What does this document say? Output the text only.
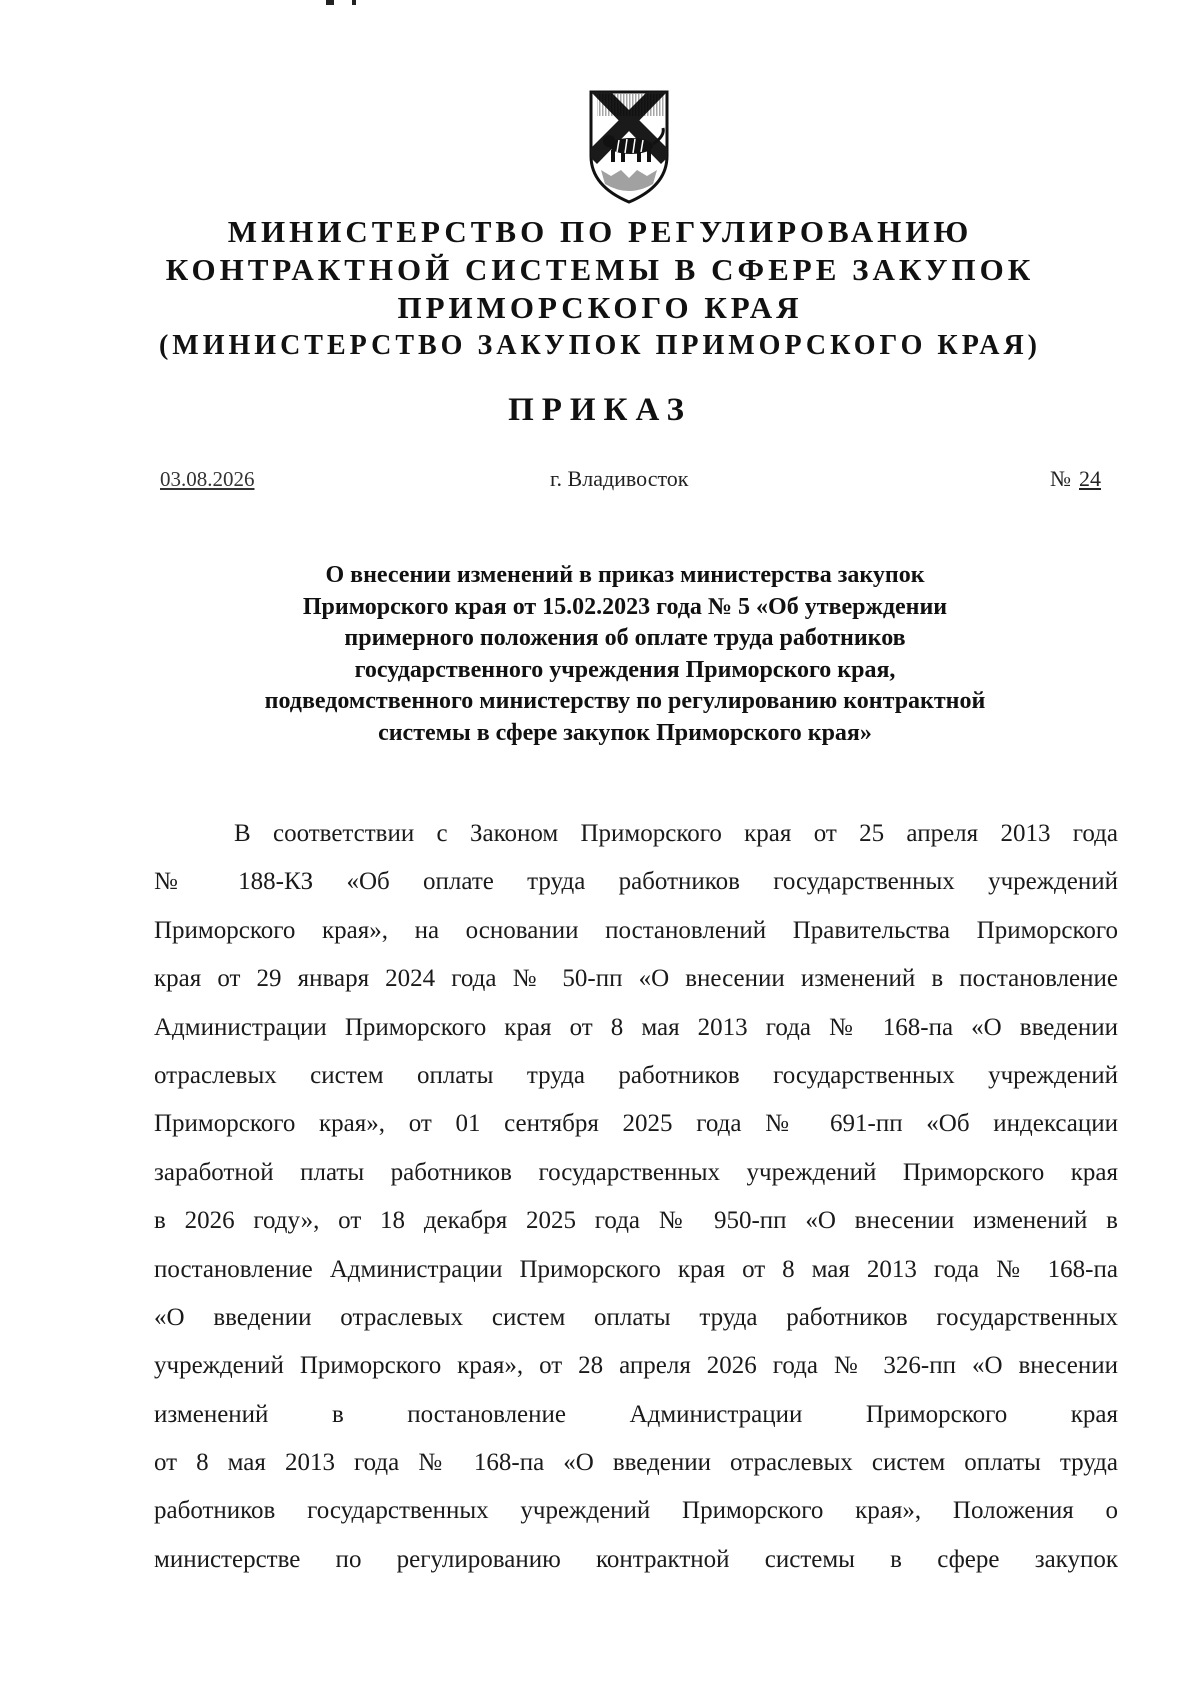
МИНИСТЕРСТВО ПО РЕГУЛИРОВАНИЮ
КОНТРАКТНОЙ СИСТЕМЫ В СФЕРЕ ЗАКУПОК
ПРИМОРСКОГО КРАЯ
(МИНИСТЕРСТВО ЗАКУПОК ПРИМОРСКОГО КРАЯ)
ПРИКАЗ
03.08.2026	г. Владивосток	№ 24
О внесении изменений в приказ министерства закупок
Приморского края от 15.02.2023 года № 5 «Об утверждении
примерного положения об оплате труда работников
государственного учреждения Приморского края,
подведомственного министерству по регулированию контрактной
системы в сфере закупок Приморского края»
В соответствии с Законом Приморского края от 25 апреля 2013 года
№ 188-КЗ «Об оплате труда работников государственных учреждений
Приморского края», на основании постановлений Правительства Приморского
края от 29 января 2024 года № 50-пп «О внесении изменений в постановление
Администрации Приморского края от 8 мая 2013 года № 168-па «О введении
отраслевых систем оплаты труда работников государственных учреждений
Приморского края», от 01 сентября 2025 года № 691-пп «Об индексации
заработной платы работников государственных учреждений Приморского края
в 2026 году», от 18 декабря 2025 года № 950-пп «О внесении изменений в
постановление Администрации Приморского края от 8 мая 2013 года № 168-па
«О введении отраслевых систем оплаты труда работников государственных
учреждений Приморского края», от 28 апреля 2026 года № 326-пп «О внесении
изменений в постановление Администрации Приморского края
от 8 мая 2013 года № 168-па «О введении отраслевых систем оплаты труда
работников государственных учреждений Приморского края», Положения о
министерстве по регулированию контрактной системы в сфере закупок
